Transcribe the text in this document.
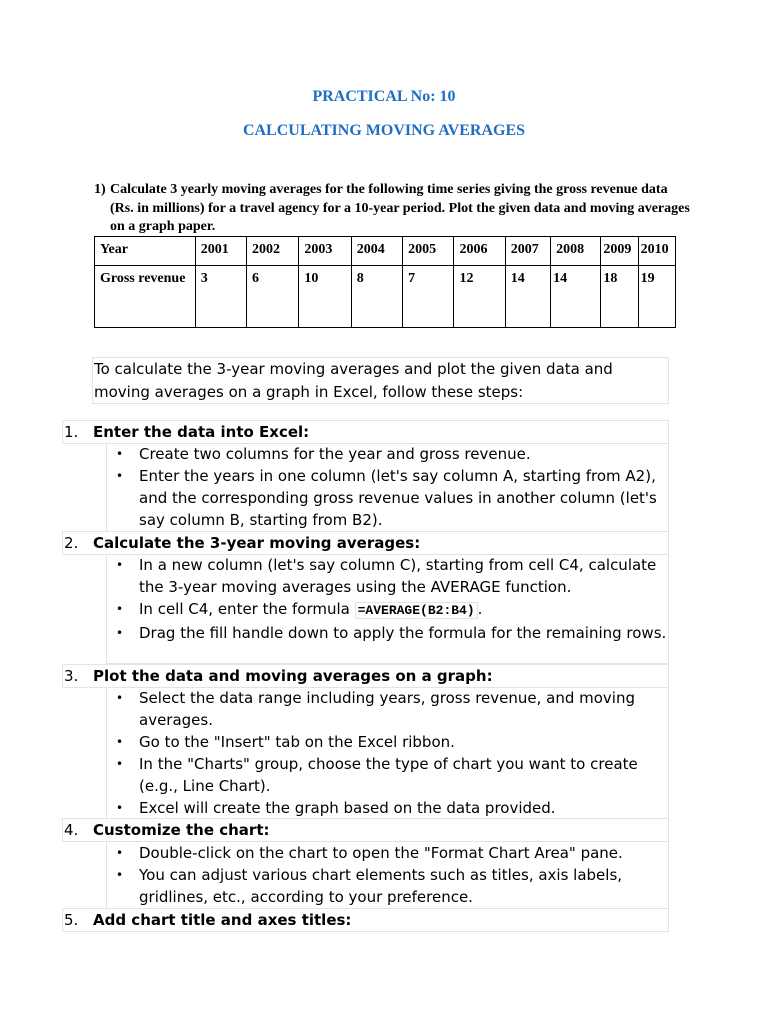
PRACTICAL No: 10
CALCULATING MOVING AVERAGES
1) Calculate 3 yearly moving averages for the following time series giving the gross revenue data (Rs. in millions) for a travel agency for a 10-year period. Plot the given data and moving averages on a graph paper.
Year	2001	2002	2003	2004	2005	2006	2007	2008	2009	2010
Gross revenue	3	6	10	8	7	12	14	14	18	19
To calculate the 3-year moving averages and plot the given data and moving averages on a graph in Excel, follow these steps:
1. Enter the data into Excel:
• Create two columns for the year and gross revenue.
• Enter the years in one column (let's say column A, starting from A2), and the corresponding gross revenue values in another column (let's say column B, starting from B2).
2. Calculate the 3-year moving averages:
• In a new column (let's say column C), starting from cell C4, calculate the 3-year moving averages using the AVERAGE function.
• In cell C4, enter the formula =AVERAGE(B2:B4) .
• Drag the fill handle down to apply the formula for the remaining rows.
3. Plot the data and moving averages on a graph:
• Select the data range including years, gross revenue, and moving averages.
• Go to the "Insert" tab on the Excel ribbon.
• In the "Charts" group, choose the type of chart you want to create (e.g., Line Chart).
• Excel will create the graph based on the data provided.
4. Customize the chart:
• Double-click on the chart to open the "Format Chart Area" pane.
• You can adjust various chart elements such as titles, axis labels, gridlines, etc., according to your preference.
5. Add chart title and axes titles:
